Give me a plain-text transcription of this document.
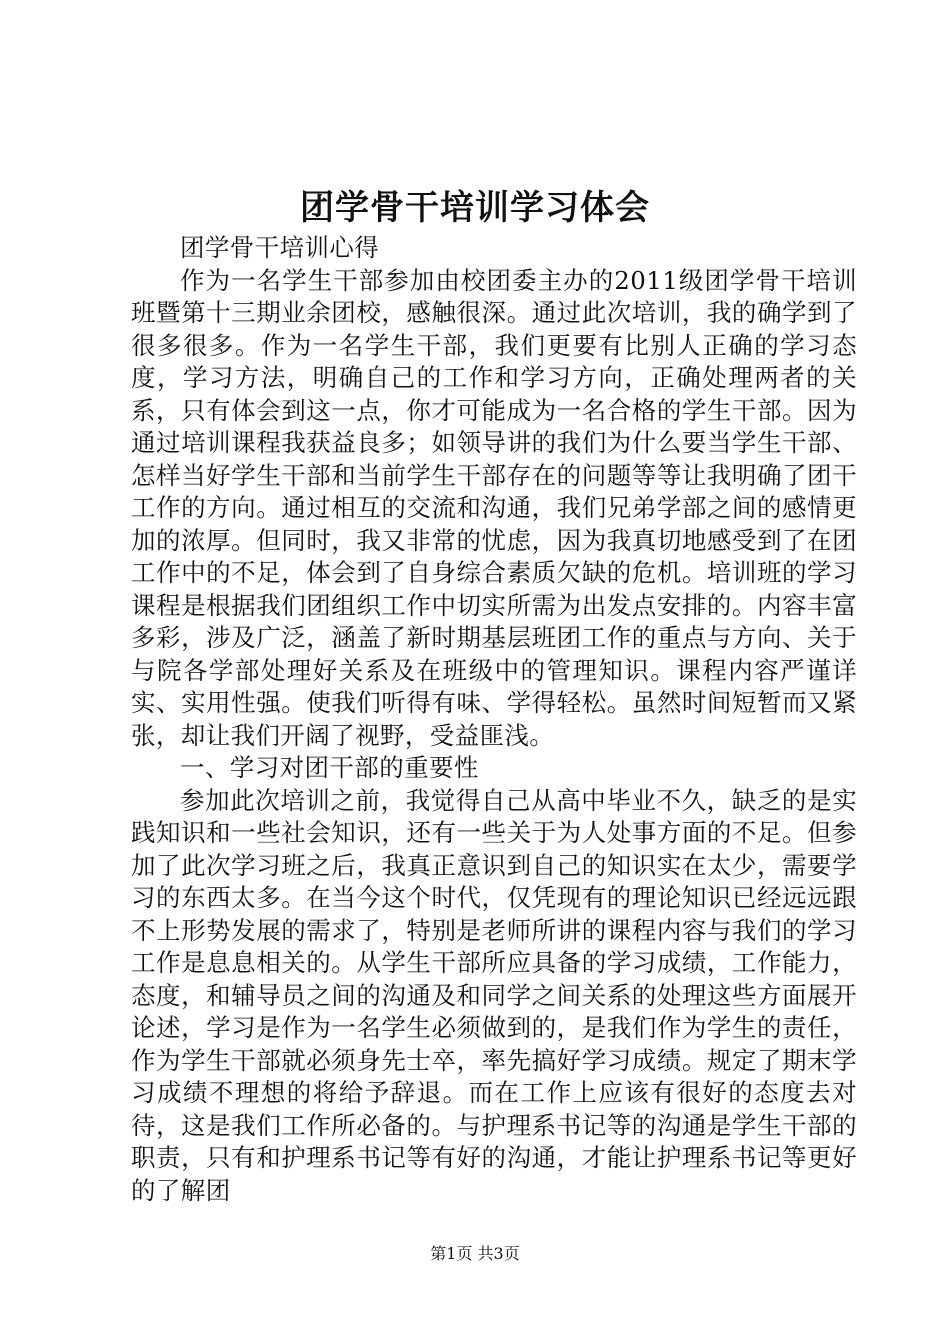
团学骨干培训学习体会

团学骨干培训心得

作为一名学生干部参加由校团委主办的2011级团学骨干培训班暨第十三期业余团校，感触很深。通过此次培训，我的确学到了很多很多。作为一名学生干部，我们更要有比别人正确的学习态度，学习方法，明确自己的工作和学习方向，正确处理两者的关系，只有体会到这一点，你才可能成为一名合格的学生干部。因为通过培训课程我获益良多；如领导讲的我们为什么要当学生干部、怎样当好学生干部和当前学生干部存在的问题等等让我明确了团干工作的方向。通过相互的交流和沟通，我们兄弟学部之间的感情更加的浓厚。但同时，我又非常的忧虑，因为我真切地感受到了在团工作中的不足，体会到了自身综合素质欠缺的危机。培训班的学习课程是根据我们团组织工作中切实所需为出发点安排的。内容丰富多彩，涉及广泛，涵盖了新时期基层班团工作的重点与方向、关于与院各学部处理好关系及在班级中的管理知识。课程内容严谨详实、实用性强。使我们听得有味、学得轻松。虽然时间短暂而又紧张，却让我们开阔了视野，受益匪浅。

一、学习对团干部的重要性

参加此次培训之前，我觉得自己从高中毕业不久，缺乏的是实践知识和一些社会知识，还有一些关于为人处事方面的不足。但参加了此次学习班之后，我真正意识到自己的知识实在太少，需要学习的东西太多。在当今这个时代，仅凭现有的理论知识已经远远跟不上形势发展的需求了，特别是老师所讲的课程内容与我们的学习工作是息息相关的。从学生干部所应具备的学习成绩，工作能力，态度，和辅导员之间的沟通及和同学之间关系的处理这些方面展开论述，学习是作为一名学生必须做到的，是我们作为学生的责任，作为学生干部就必须身先士卒，率先搞好学习成绩。规定了期末学习成绩不理想的将给予辞退。而在工作上应该有很好的态度去对待，这是我们工作所必备的。与护理系书记等的沟通是学生干部的职责，只有和护理系书记等有好的沟通，才能让护理系书记等更好的了解团

第1页 共3页
